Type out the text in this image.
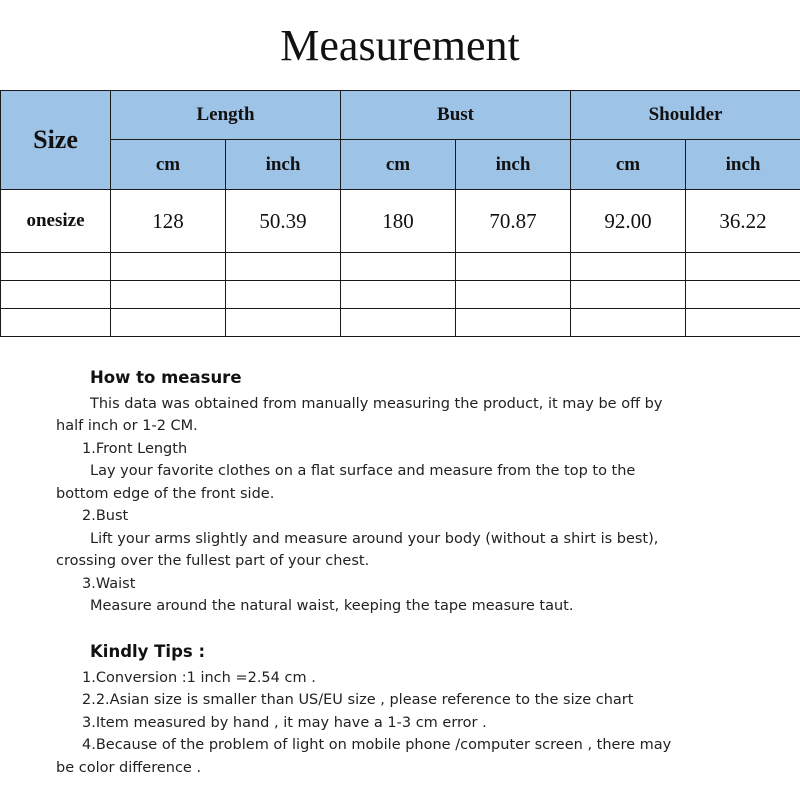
Measurement
Size	Length		Bust		Shoulder	
	cm	inch	cm	inch	cm	inch
onesize	128	50.39	180	70.87	92.00	36.22

How to measure
This data was obtained from manually measuring the product, it may be off by
half inch or 1-2 CM.
1.Front Length
Lay your favorite clothes on a flat surface and measure from the top to the
bottom edge of the front side.
2.Bust
Lift your arms slightly and measure around your body (without a shirt is best),
crossing over the fullest part of your chest.
3.Waist
Measure around the natural waist, keeping the tape measure taut.
Kindly Tips :
1.Conversion :1 inch =2.54 cm .
2.2.Asian size is smaller than US/EU size , please reference to the size chart
3.Item measured by hand , it may have a 1-3 cm error .
4.Because of the problem of light on mobile phone /computer screen , there may
be color difference .
